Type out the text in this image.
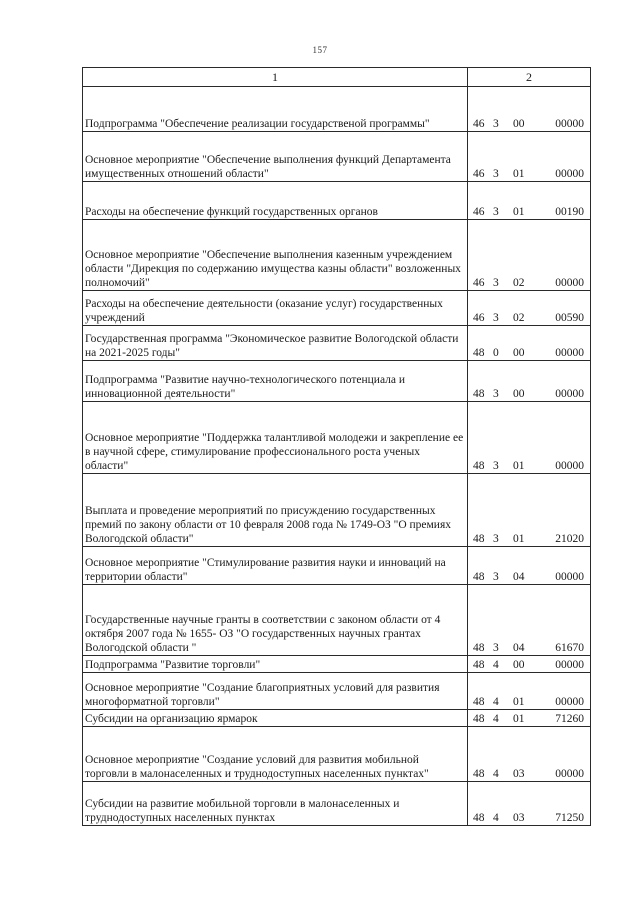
157
1	2
Подпрограмма "Обеспечение реализации государственой программы"	46 3 00 00000

Основное мероприятие "Обеспечение выполнения функций Департамента имущественных отношений области"	46 3 01 00000

Расходы на обеспечение функций государственных органов	46 3 01 00190

Основное мероприятие "Обеспечение выполнения казенным учреждением области "Дирекция по содержанию имущества казны области" возложенных полномочий"	46 3 02 00000

Расходы на обеспечение деятельности (оказание услуг) государственных учреждений	46 3 02 00590

Государственная программа "Экономическое развитие Вологодской области на 2021-2025 годы"	48 0 00 00000

Подпрограмма "Развитие научно-технологического потенциала и инновационной деятельности"	48 3 00 00000

Основное мероприятие "Поддержка талантливой молодежи и закрепление ее в научной сфере, стимулирование профессионального роста ученых области"	48 3 01 00000

Выплата и проведение мероприятий по присуждению государственных премий по закону области от 10 февраля 2008 года № 1749-ОЗ "О премиях Вологодской области"	48 3 01 21020

Основное мероприятие "Стимулирование развития науки и инноваций на территории области"	48 3 04 00000

Государственные научные гранты в соответствии с законом области от 4 октября 2007 года № 1655- ОЗ "О государственных научных грантах Вологодской области "	48 3 04 61670

Подпрограмма "Развитие торговли"	48 4 00 00000

Основное мероприятие "Создание благоприятных условий для развития многоформатной торговли"	48 4 01 00000

Субсидии на организацию ярмарок	48 4 01 71260

Основное мероприятие "Создание условий для развития мобильной торговли в малонаселенных и труднодоступных населенных пунктах"	48 4 03 00000

Субсидии на развитие мобильной торговли в малонаселенных и труднодоступных населенных пунктах	48 4 03 71250
